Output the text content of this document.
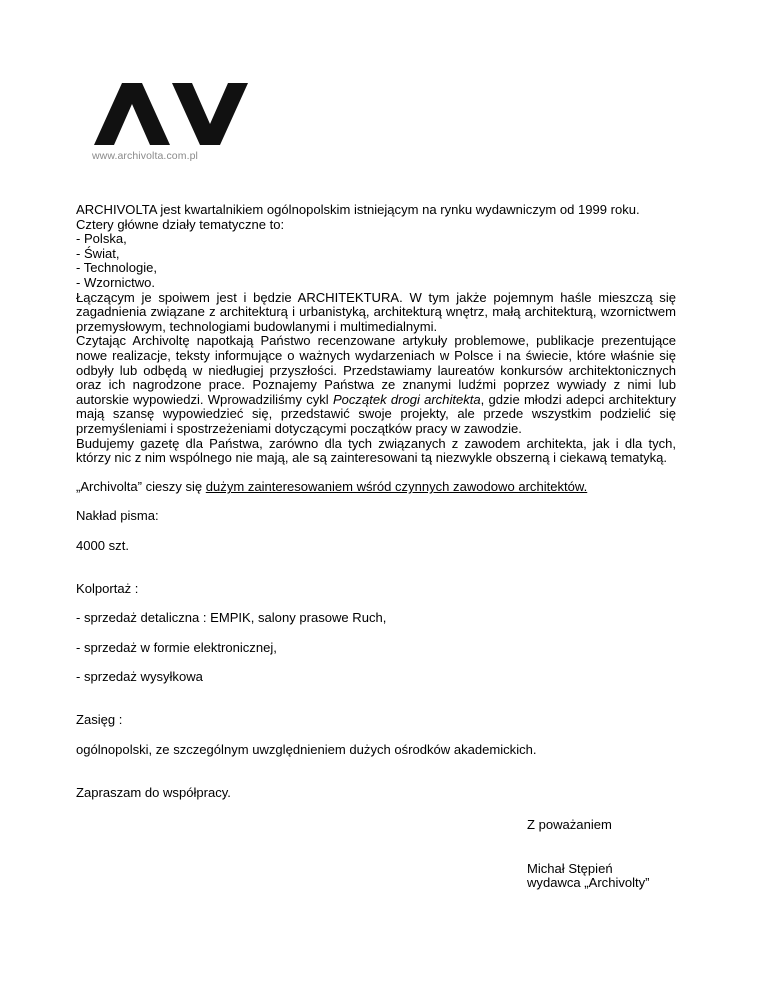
www.archivolta.com.pl

ARCHIVOLTA jest kwartalnikiem ogólnopolskim istniejącym na rynku wydawniczym od 1999 roku.

Cztery główne działy tematyczne to:

- Polska,

- Świat,

- Technologie,

- Wzornictwo.

Łączącym je spoiwem jest i będzie ARCHITEKTURA. W tym jakże pojemnym haśle mieszczą się zagadnienia związane z architekturą i urbanistyką, architekturą wnętrz, małą architekturą, wzornictwem przemysłowym, technologiami budowlanymi i multimedialnymi.

Czytając Archivoltę napotkają Państwo recenzowane artykuły problemowe, publikacje prezentujące nowe realizacje, teksty informujące o ważnych wydarzeniach w Polsce i na świecie, które właśnie się odbyły lub odbędą w niedługiej przyszłości. Przedstawiamy laureatów konkursów architektonicznych oraz ich nagrodzone prace. Poznajemy Państwa ze znanymi ludźmi poprzez wywiady z nimi lub autorskie wypowiedzi. Wprowadziliśmy cykl Początek drogi architekta, gdzie młodzi adepci architektury mają szansę wypowiedzieć się, przedstawić swoje projekty, ale przede wszystkim podzielić się przemyśleniami i spostrzeżeniami dotyczącymi początków pracy w zawodzie.

Budujemy gazetę dla Państwa, zarówno dla tych związanych z zawodem architekta, jak i dla tych, którzy nic z nim wspólnego nie mają, ale są zainteresowani tą niezwykle obszerną i ciekawą tematyką.

„Archivolta” cieszy się dużym zainteresowaniem wśród czynnych zawodowo architektów.

Nakład pisma:

4000 szt.

Kolportaż :

- sprzedaż detaliczna : EMPIK, salony prasowe Ruch,

- sprzedaż w formie elektronicznej,

- sprzedaż wysyłkowa

Zasięg :

ogólnopolski, ze szczególnym uwzględnieniem dużych ośrodków akademickich.

Zapraszam do współpracy.

Z poważaniem

Michał Stępień

wydawca „Archivolty”
